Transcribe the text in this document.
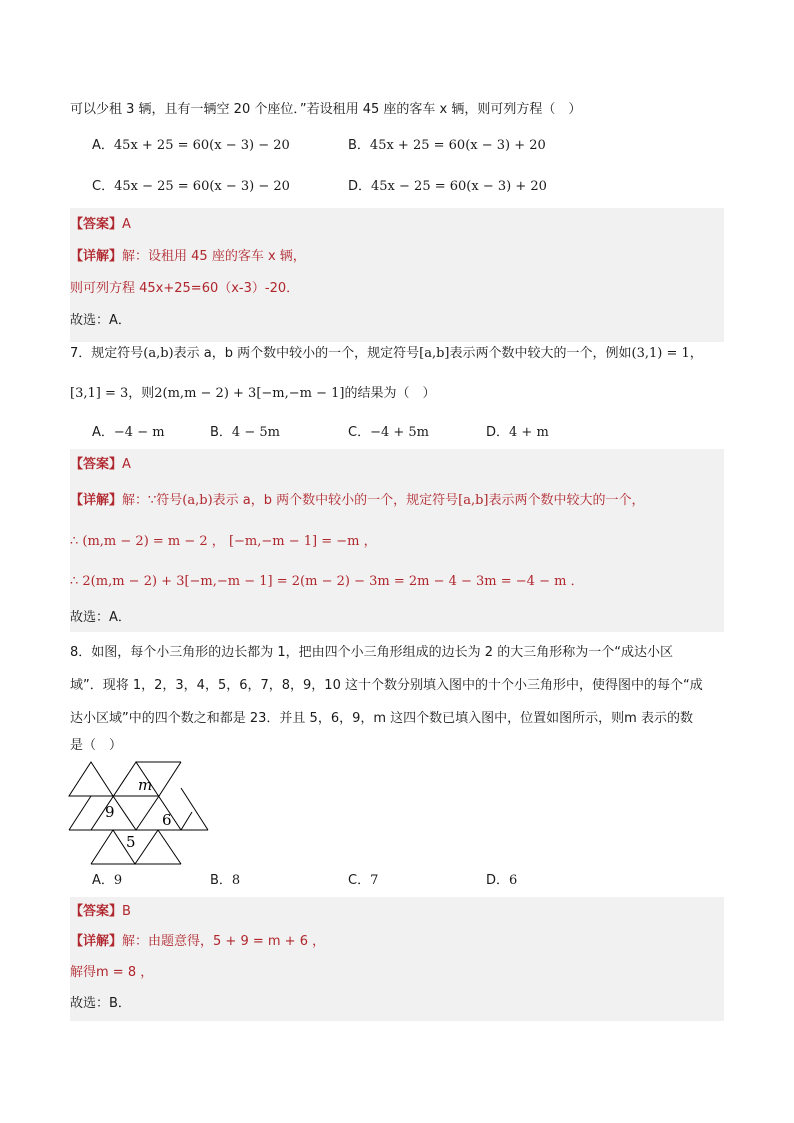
可以少租 3 辆，且有一辆空 20 个座位．”若设租用 45 座的客车 x 辆，则可列方程（　）
A．45x + 25 = 60(x − 3) − 20	B．45x + 25 = 60(x − 3) + 20
C．45x − 25 = 60(x − 3) − 20	D．45x − 25 = 60(x − 3) + 20
【答案】A
【详解】解：设租用 45 座的客车 x 辆，
则可列方程 45x+25=60（x-3）-20．
故选：A．
7．规定符号(a,b)表示 a，b 两个数中较小的一个，规定符号[a,b]表示两个数中较大的一个，例如(3,1) = 1，
[3,1] = 3，则2(m,m − 2) + 3[−m,−m − 1]的结果为（　）
A．−4 − m	B．4 − 5m	C．−4 + 5m	D．4 + m
【答案】A
【详解】解：∵符号(a,b)表示 a，b 两个数中较小的一个，规定符号[a,b]表示两个数中较大的一个，
∴ (m,m − 2) = m − 2 ， [−m,−m − 1] = −m ，
∴ 2(m,m − 2) + 3[−m,−m − 1] = 2(m − 2) − 3m = 2m − 4 − 3m = −4 − m ．
故选：A．
8．如图，每个小三角形的边长都为 1，把由四个小三角形组成的边长为 2 的大三角形称为一个“成达小区
域”．现将 1，2，3，4，5，6，7，8，9，10 这十个数分别填入图中的十个小三角形中，使得图中的每个“成
达小区域”中的四个数之和都是 23．并且 5，6，9，m 这四个数已填入图中，位置如图所示，则m 表示的数
是（　）
m
9	6
5
A．9	B．8	C．7	D．6
【答案】B
【详解】解：由题意得，5 + 9 = m + 6 ，
解得m = 8 ，
故选：B．
